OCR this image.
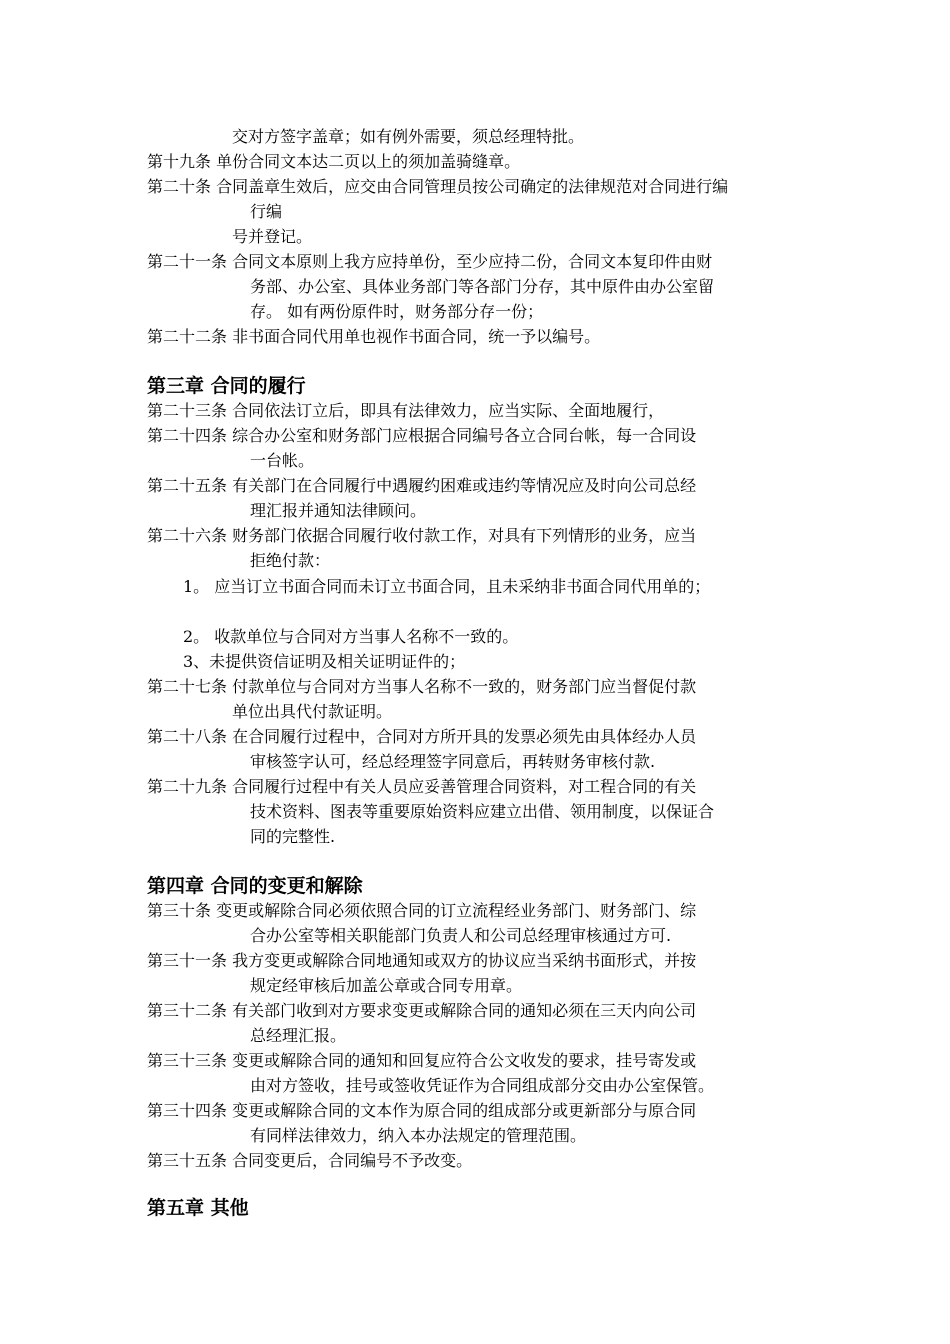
交对方签字盖章；如有例外需要，须总经理特批。
第十九条 单份合同文本达二页以上的须加盖骑缝章。
第二十条 合同盖章生效后，应交由合同管理员按公司确定的法律规范对合同进行编
行编
号并登记。
第二十一条 合同文本原则上我方应持单份，至少应持二份，合同文本复印件由财
务部、办公室、具体业务部门等各部门分存，其中原件由办公室留
存。 如有两份原件时，财务部分存一份；
第二十二条 非书面合同代用单也视作书面合同，统一予以编号。
第三章 合同的履行
第二十三条 合同依法订立后，即具有法律效力，应当实际、全面地履行，
第二十四条 综合办公室和财务部门应根据合同编号各立合同台帐，每一合同设
一台帐。
第二十五条 有关部门在合同履行中遇履约困难或违约等情况应及时向公司总经
理汇报并通知法律顾问。
第二十六条 财务部门依据合同履行收付款工作，对具有下列情形的业务，应当
拒绝付款：
1。 应当订立书面合同而未订立书面合同，且未采纳非书面合同代用单的；
2。 收款单位与合同对方当事人名称不一致的。
3、未提供资信证明及相关证明证件的；
第二十七条 付款单位与合同对方当事人名称不一致的，财务部门应当督促付款
单位出具代付款证明。
第二十八条 在合同履行过程中，合同对方所开具的发票必须先由具体经办人员
审核签字认可，经总经理签字同意后，再转财务审核付款.
第二十九条 合同履行过程中有关人员应妥善管理合同资料，对工程合同的有关
技术资料、图表等重要原始资料应建立出借、领用制度，以保证合
同的完整性.
第四章 合同的变更和解除
第三十条 变更或解除合同必须依照合同的订立流程经业务部门、财务部门、综
合办公室等相关职能部门负责人和公司总经理审核通过方可.
第三十一条 我方变更或解除合同地通知或双方的协议应当采纳书面形式，并按
规定经审核后加盖公章或合同专用章。
第三十二条 有关部门收到对方要求变更或解除合同的通知必须在三天内向公司
总经理汇报。
第三十三条 变更或解除合同的通知和回复应符合公文收发的要求，挂号寄发或
由对方签收，挂号或签收凭证作为合同组成部分交由办公室保管。
第三十四条 变更或解除合同的文本作为原合同的组成部分或更新部分与原合同
有同样法律效力，纳入本办法规定的管理范围。
第三十五条 合同变更后，合同编号不予改变。
第五章 其他
